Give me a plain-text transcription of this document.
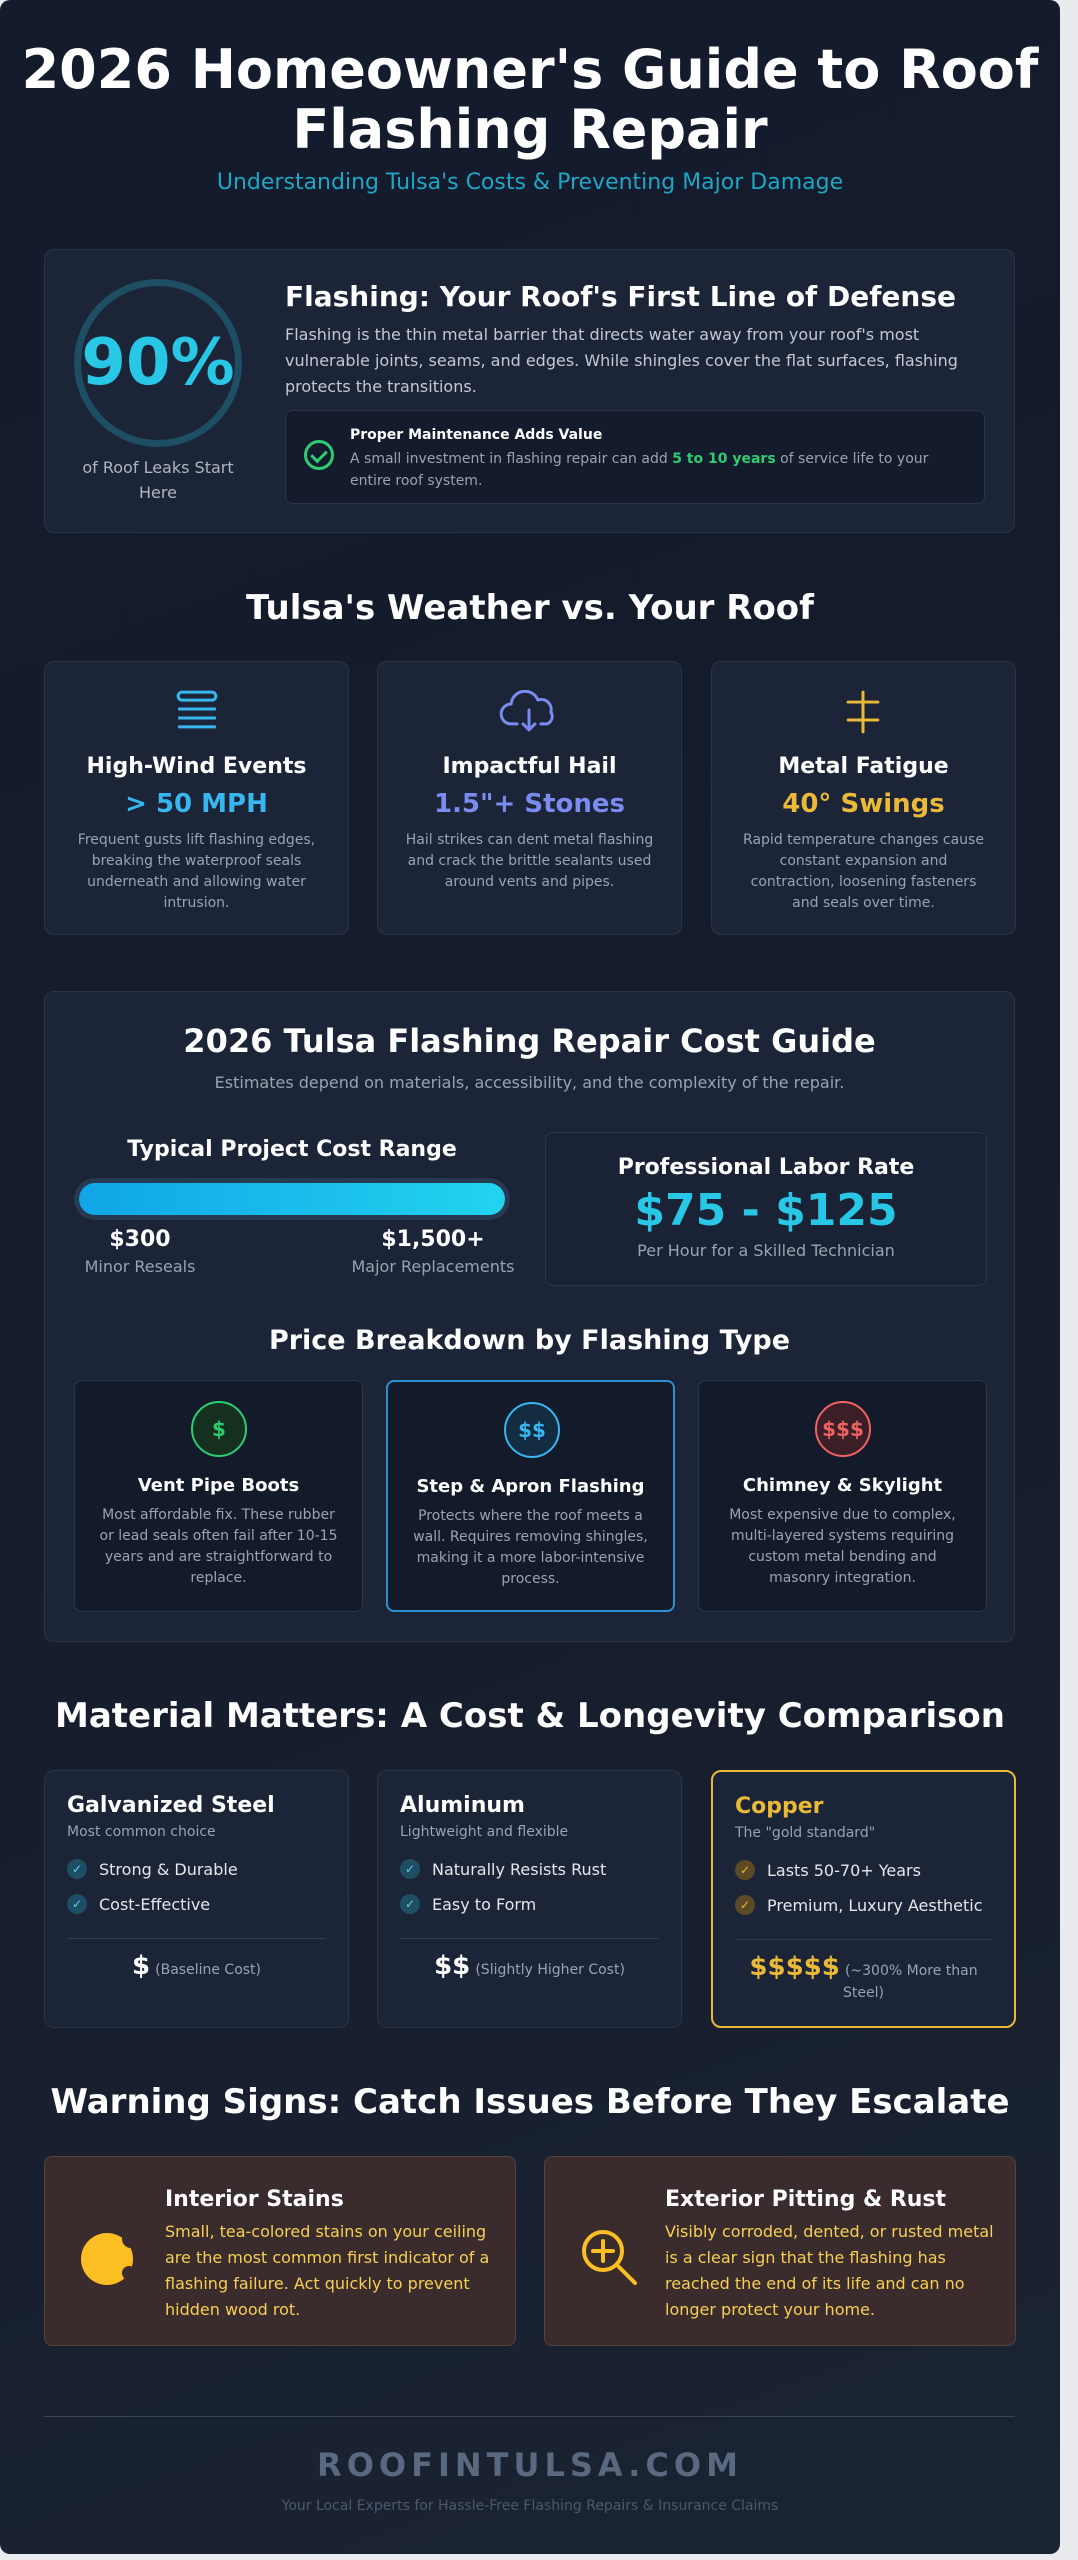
2026 Homeowner's Guide to Roof Flashing Repair
Understanding Tulsa's Costs & Preventing Major Damage
90%
of Roof Leaks Start Here
Flashing: Your Roof's First Line of Defense
Flashing is the thin metal barrier that directs water away from your roof's most vulnerable joints, seams, and edges. While shingles cover the flat surfaces, flashing protects the transitions.
Proper Maintenance Adds Value
A small investment in flashing repair can add 5 to 10 years of service life to your entire roof system.
Tulsa's Weather vs. Your Roof
High-Wind Events
> 50 MPH
Frequent gusts lift flashing edges, breaking the waterproof seals underneath and allowing water intrusion.
Impactful Hail
1.5"+ Stones
Hail strikes can dent metal flashing and crack the brittle sealants used around vents and pipes.
Metal Fatigue
40° Swings
Rapid temperature changes cause constant expansion and contraction, loosening fasteners and seals over time.
2026 Tulsa Flashing Repair Cost Guide
Estimates depend on materials, accessibility, and the complexity of the repair.
Typical Project Cost Range
$300	$1,500+
Minor Reseals	Major Replacements
Professional Labor Rate
$75 - $125
Per Hour for a Skilled Technician
Price Breakdown by Flashing Type
$
Vent Pipe Boots
Most affordable fix. These rubber or lead seals often fail after 10-15 years and are straightforward to replace.
$$
Step & Apron Flashing
Protects where the roof meets a wall. Requires removing shingles, making it a more labor-intensive process.
$$$
Chimney & Skylight
Most expensive due to complex, multi-layered systems requiring custom metal bending and masonry integration.
Material Matters: A Cost & Longevity Comparison
Galvanized Steel
Most common choice
✓	Strong & Durable
✓	Cost-Effective
$ (Baseline Cost)
Aluminum
Lightweight and flexible
✓	Naturally Resists Rust
✓	Easy to Form
$$ (Slightly Higher Cost)
Copper
The "gold standard"
✓	Lasts 50-70+ Years
✓	Premium, Luxury Aesthetic
$$$$$ (~300% More than Steel)
Warning Signs: Catch Issues Before They Escalate
Interior Stains
Small, tea-colored stains on your ceiling are the most common first indicator of a flashing failure. Act quickly to prevent hidden wood rot.
Exterior Pitting & Rust
Visibly corroded, dented, or rusted metal is a clear sign that the flashing has reached the end of its life and can no longer protect your home.
ROOFINTULSA.COM
Your Local Experts for Hassle-Free Flashing Repairs & Insurance Claims
